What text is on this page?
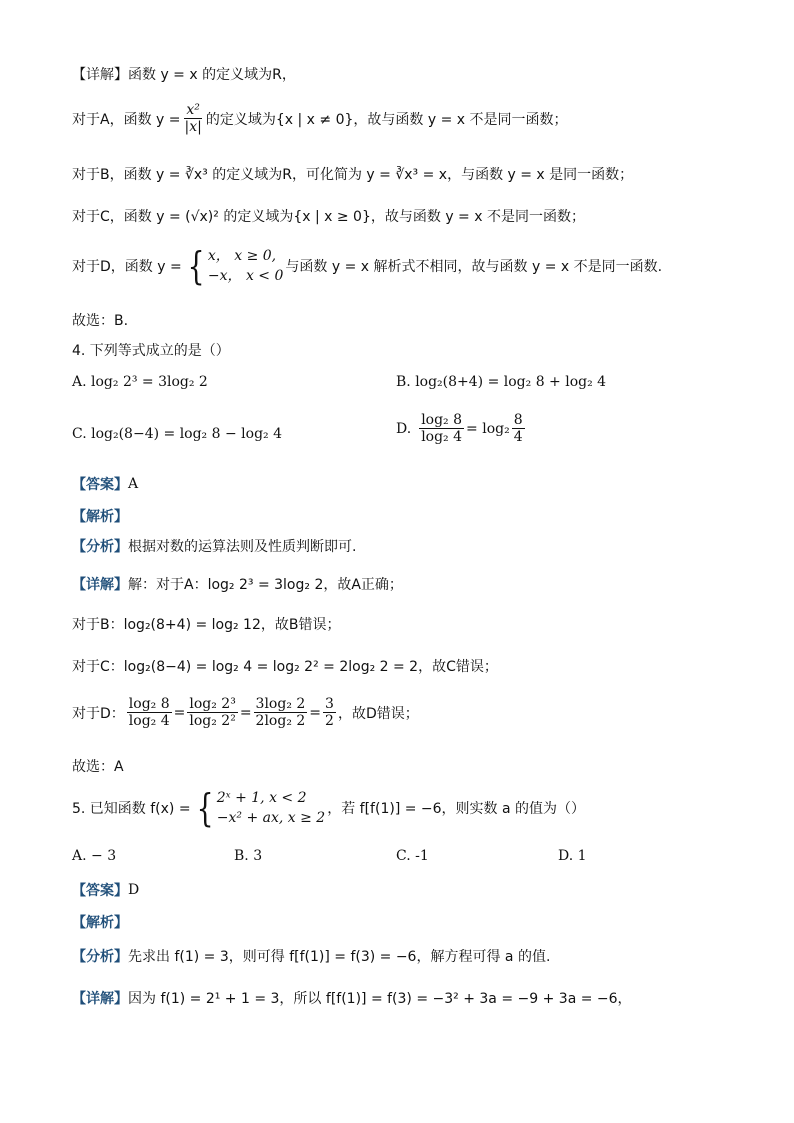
【详解】函数 y = x 的定义域为R，
对于A，函数 $y = \frac{\text{x²}}{|x|}$ 的定义域为{x | x ≠ 0}，故与函数 y = x 不是同一函数；
对于B，函数 y = ∛x³ 的定义域为R，可化简为 y = ∛x³ = x，与函数 y = x 是同一函数；
对于C，函数 y = (√x)² 的定义域为{x | x ≥ 0}，故与函数 y = x 不是同一函数；
对于D，函数 y = { x， x ≥ 0,
−x， x < 0
与函数 y = x 解析式不相同，故与函数 y = x 不是同一函数.
故选：B.
4. 下列等式成立的是（）
A. log₂ 2³ = 3log₂ 2	B. log₂(8+4) = log₂ 8 + log₂ 4
C. log₂(8−4) = log₂ 8 − log₂ 4	D. $\frac{\text{log₂ 8}}{\text{log₂ 4}} = \log_2 \frac{8}{4}$
【答案】 A
【解析】
【分析】 根据对数的运算法则及性质判断即可.
【详解】 解：对于A：log₂ 2³ = 3log₂ 2，故A正确；
对于B：log₂(8+4) = log₂ 12，故B错误；
对于C：log₂(8−4) = log₂ 4 = log₂ 2² = 2log₂ 2 = 2，故C错误；
对于D： $\frac{\text{log₂ 8}}{\text{log₂ 4}} = \frac{\text{log₂ 2³}}{\text{log₂ 2²}} = \frac{\text{3log₂ 2}}{\text{2log₂ 2}} = \frac{3}{2}$ ，故D错误；
故选：A
5. 已知函数 f(x) = { 2ˣ + 1, x < 2
−x² + ax, x ≥ 2
，若 f[f(1)] = −6，则实数 a 的值为（）
A. − 3	B. 3	C. -1	D. 1
【答案】 D
【解析】
【分析】 先求出 f(1) = 3，则可得 f[f(1)] = f(3) = −6，解方程可得 a 的值.
【详解】 因为 f(1) = 2¹ + 1 = 3，所以 f[f(1)] = f(3) = −3² + 3a = −9 + 3a = −6，
